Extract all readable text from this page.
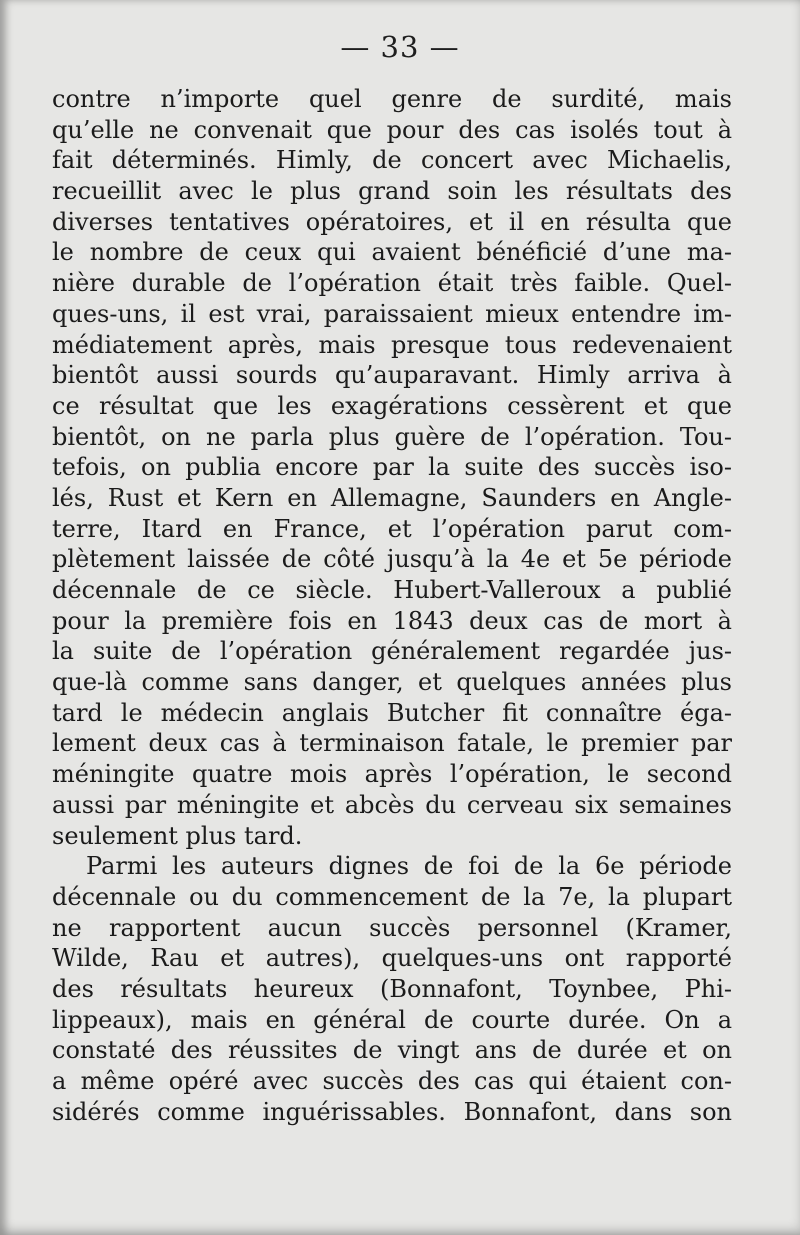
— 33 —
contre n’importe quel genre de surdité, mais
qu’elle ne convenait que pour des cas isolés tout à
fait déterminés. Himly, de concert avec Michaelis,
recueillit avec le plus grand soin les résultats des
diverses tentatives opératoires, et il en résulta que
le nombre de ceux qui avaient bénéficié d’une ma-
nière durable de l’opération était très faible. Quel-
ques-uns, il est vrai, paraissaient mieux entendre im-
médiatement après, mais presque tous redevenaient
bientôt aussi sourds qu’auparavant. Himly arriva à
ce résultat que les exagérations cessèrent et que
bientôt, on ne parla plus guère de l’opération. Tou-
tefois, on publia encore par la suite des succès iso-
lés, Rust et Kern en Allemagne, Saunders en Angle-
terre, Itard en France, et l’opération parut com-
plètement laissée de côté jusqu’à la 4e et 5e période
décennale de ce siècle. Hubert-Valleroux a publié
pour la première fois en 1843 deux cas de mort à
la suite de l’opération généralement regardée jus-
que-là comme sans danger, et quelques années plus
tard le médecin anglais Butcher fit connaître éga-
lement deux cas à terminaison fatale, le premier par
méningite quatre mois après l’opération, le second
aussi par méningite et abcès du cerveau six semaines
seulement plus tard.
Parmi les auteurs dignes de foi de la 6e période
décennale ou du commencement de la 7e, la plupart
ne rapportent aucun succès personnel (Kramer,
Wilde, Rau et autres), quelques-uns ont rapporté
des résultats heureux (Bonnafont, Toynbee, Phi-
lippeaux), mais en général de courte durée. On a
constaté des réussites de vingt ans de durée et on
a même opéré avec succès des cas qui étaient con-
sidérés comme inguérissables. Bonnafont, dans son
